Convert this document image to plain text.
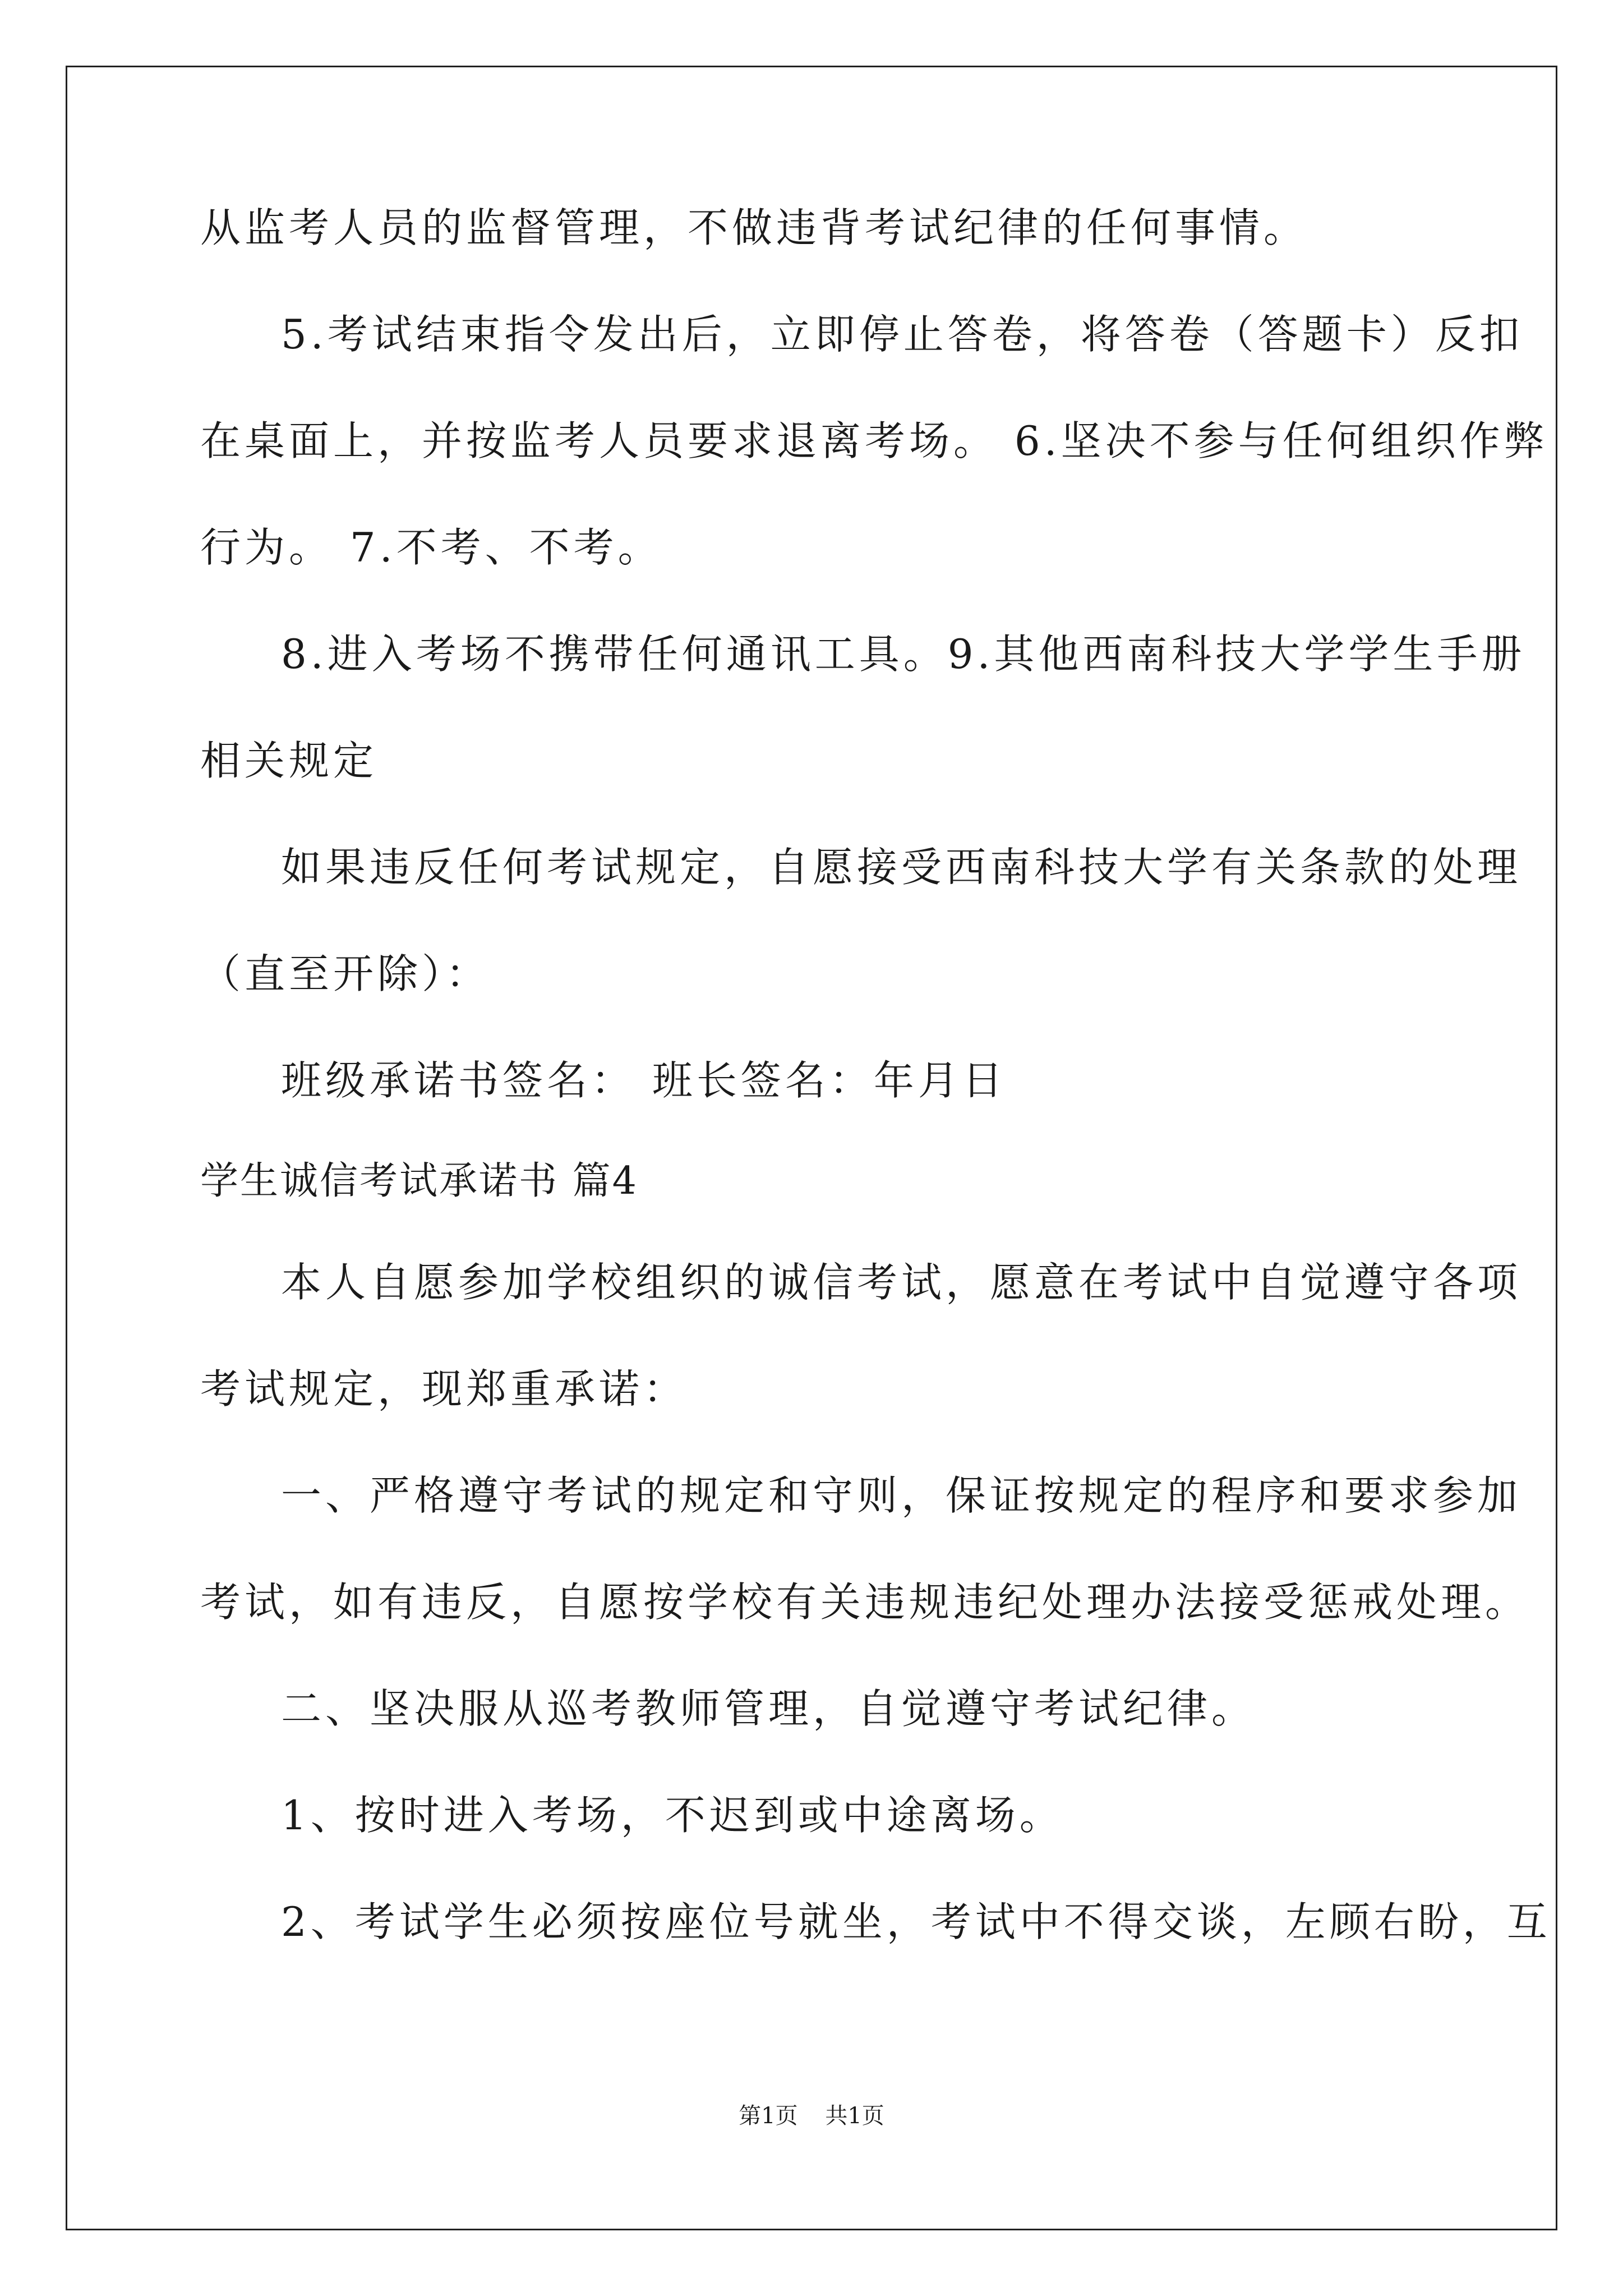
从监考人员的监督管理，不做违背考试纪律的任何事情。
5.考试结束指令发出后，立即停止答卷，将答卷（答题卡）反扣
在桌面上，并按监考人员要求退离考场。 6.坚决不参与任何组织作弊
行为。 7.不考、不考。
8.进入考场不携带任何通讯工具。9.其他西南科技大学学生手册
相关规定
如果违反任何考试规定，自愿接受西南科技大学有关条款的处理
（直至开除）：
班级承诺书签名： 班长签名：年月日
学生诚信考试承诺书 篇4
本人自愿参加学校组织的诚信考试，愿意在考试中自觉遵守各项
考试规定，现郑重承诺：
一、严格遵守考试的规定和守则，保证按规定的程序和要求参加
考试，如有违反，自愿按学校有关违规违纪处理办法接受惩戒处理。
二、坚决服从巡考教师管理，自觉遵守考试纪律。
1、按时进入考场，不迟到或中途离场。
2、考试学生必须按座位号就坐，考试中不得交谈，左顾右盼，互
第1页 共1页
